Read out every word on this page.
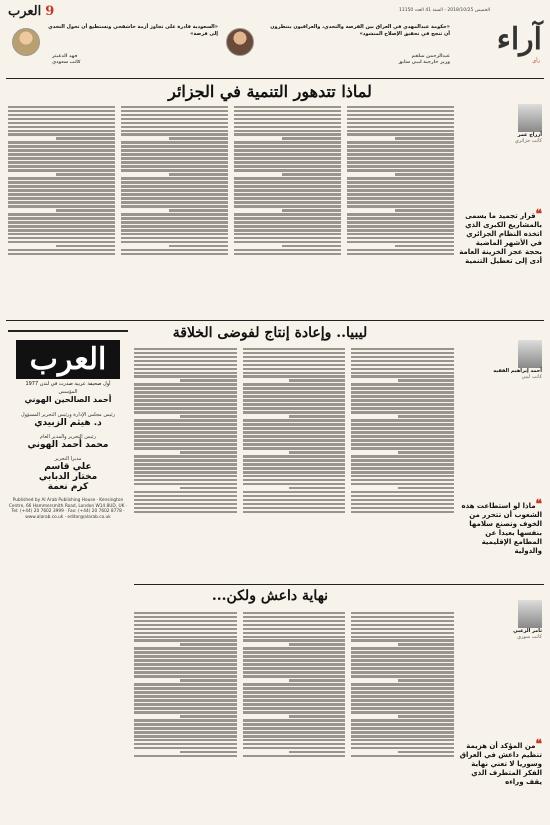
9العرب	الخميس 2018/10/25 - السنة 41 العدد 11150
آراء
رأي
«حكومة عبدالمهدي في العراق بين الفرصة والتحدي، والعراقيون ينتظرون أن تنجح في تحقيق الإصلاح المنشود»
عبدالرحمن شلقم
وزير خارجية ليبي سابق
«السعودية قادرة على تجاوز أزمة خاشقجي وتستطيع أن تحول التحدي إلى فرصة»
فهد الدغيثر
كاتب سعودي
لماذا تتدهور التنمية في الجزائر
أزراج عمر
كاتب جزائري
❝قرار تجميد ما يسمى بالمشاريع الكبرى الذي اتخذه النظام الجزائري في الأشهر الماضية بحجة عجز الخزينة العامة أدى إلى تعطيل التنمية
ليبيا.. وإعادة إنتاج لفوضى الخلاقة
أحمد إبراهيم الفقيه
كاتب ليبي
❝ماذا لو استطاعت هذه الشعوب أن تتحرر من الخوف وتصنع سلامها بنفسها بعيدا عن المطامع الإقليمية والدولية
نهاية داعش ولكن...
ثامر الزعبي
كاتب سوري
❝من المؤكد أن هزيمة تنظيم داعش في العراق وسوريا لا تعني نهاية الفكر المتطرف الذي يقف وراءه
العرب
أول صحيفة عربية صدرت في لندن 1977
المؤسس
أحمد الصالحين الهوني
رئيس مجلس الإدارة ورئيس التحرير المسؤول
د. هيثم الزبيدي
رئيس التحرير والمدير العام
محمد أحمد الهوني
مديرا التحرير
علي قاسم
مختار الدبابي
كرم نعمة
Published by Al Arab Publishing House · Kensington Centre, 66 Hammersmith Road, London W14 8UD, UK · Tel: (+44) 20 7602 3999 · Fax: (+44) 20 7602 8778 · www.alarab.co.uk · editor@alarab.co.uk
